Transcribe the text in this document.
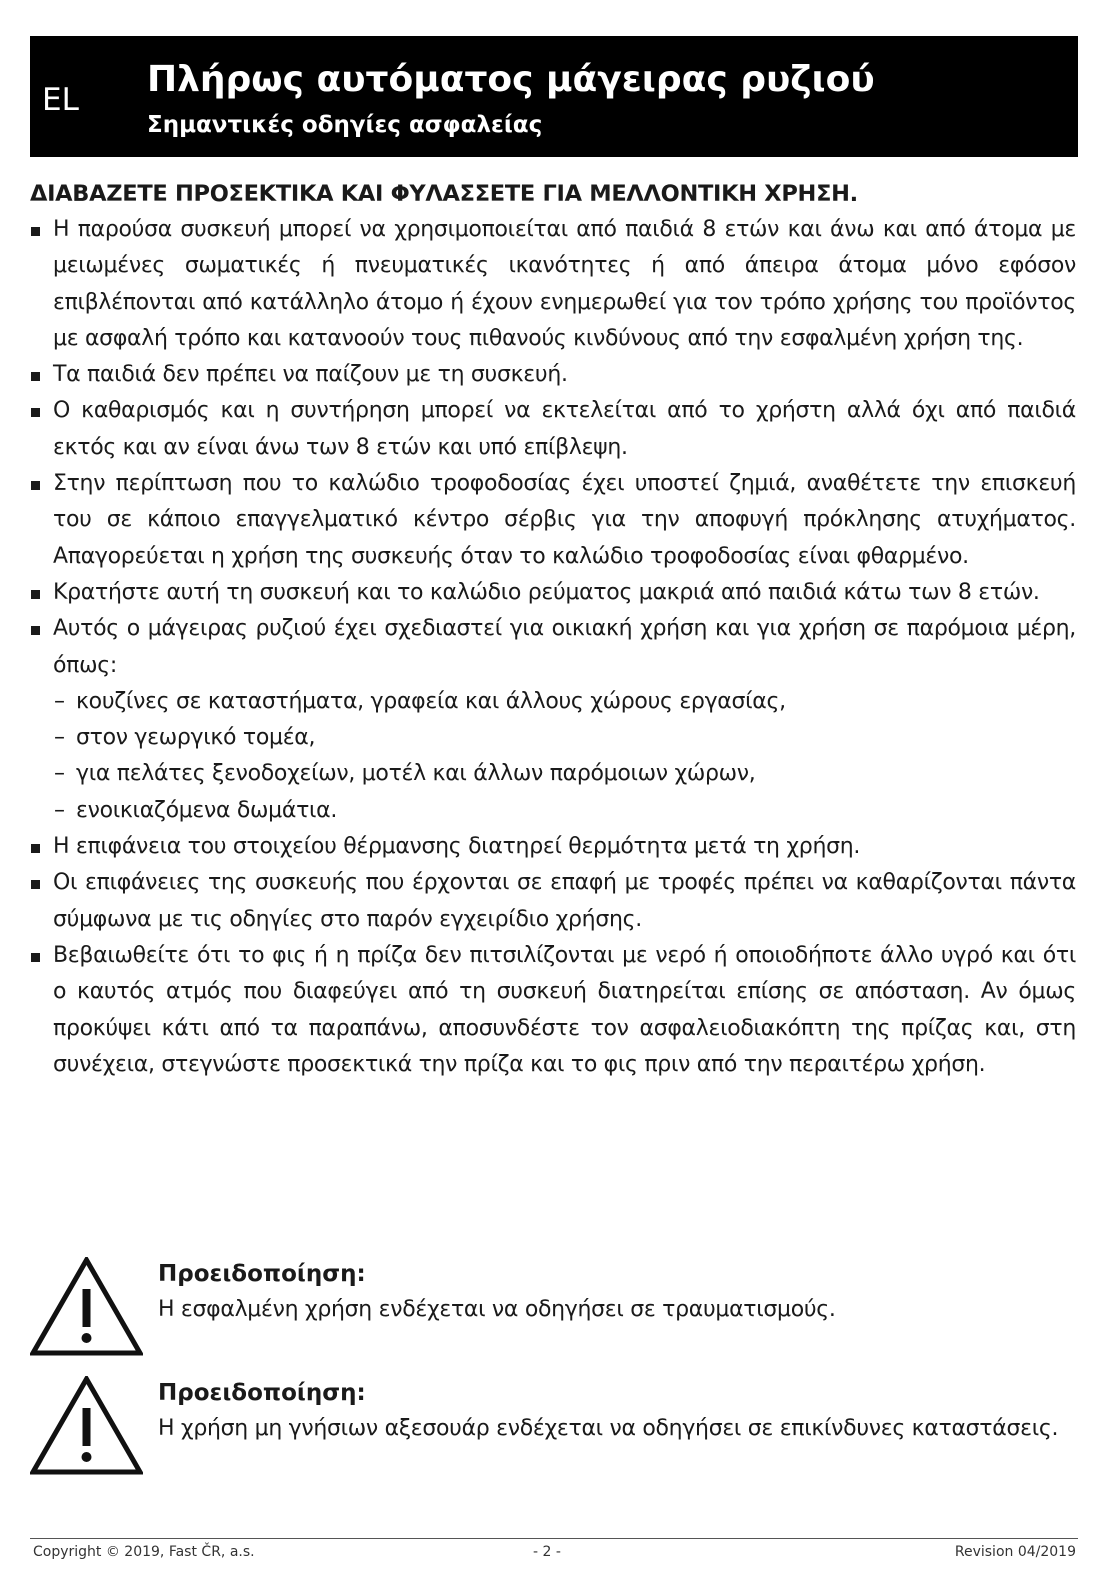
EL Πλήρως αυτόματος μάγειρας ρυζιού
Σημαντικές οδηγίες ασφαλείας
ΔΙΑΒΑΖΕΤΕ ΠΡΟΣΕΚΤΙΚΑ ΚΑΙ ΦΥΛΑΣΣΕΤΕ ΓΙΑ ΜΕΛΛΟΝΤΙΚΗ ΧΡΗΣΗ.
Η παρούσα συσκευή μπορεί να χρησιμοποιείται από παιδιά 8 ετών και άνω και από άτομα με μειωμένες σωματικές ή πνευματικές ικανότητες ή από άπειρα άτομα μόνο εφόσον επιβλέπονται από κατάλληλο άτομο ή έχουν ενημερωθεί για τον τρόπο χρήσης του προϊόντος με ασφαλή τρόπο και κατανοούν τους πιθανούς κινδύνους από την εσφαλμένη χρήση της.
Τα παιδιά δεν πρέπει να παίζουν με τη συσκευή.
Ο καθαρισμός και η συντήρηση μπορεί να εκτελείται από το χρήστη αλλά όχι από παιδιά εκτός και αν είναι άνω των 8 ετών και υπό επίβλεψη.
Στην περίπτωση που το καλώδιο τροφοδοσίας έχει υποστεί ζημιά, αναθέτετε την επισκευή του σε κάποιο επαγγελματικό κέντρο σέρβις για την αποφυγή πρόκλησης ατυχήματος. Απαγορεύεται η χρήση της συσκευής όταν το καλώδιο τροφοδοσίας είναι φθαρμένο.
Κρατήστε αυτή τη συσκευή και το καλώδιο ρεύματος μακριά από παιδιά κάτω των 8 ετών.
Αυτός ο μάγειρας ρυζιού έχει σχεδιαστεί για οικιακή χρήση και για χρήση σε παρόμοια μέρη, όπως:
– κουζίνες σε καταστήματα, γραφεία και άλλους χώρους εργασίας,
– στον γεωργικό τομέα,
– για πελάτες ξενοδοχείων, μοτέλ και άλλων παρόμοιων χώρων,
– ενοικιαζόμενα δωμάτια.
Η επιφάνεια του στοιχείου θέρμανσης διατηρεί θερμότητα μετά τη χρήση.
Οι επιφάνειες της συσκευής που έρχονται σε επαφή με τροφές πρέπει να καθαρίζονται πάντα σύμφωνα με τις οδηγίες στο παρόν εγχειρίδιο χρήσης.
Βεβαιωθείτε ότι το φις ή η πρίζα δεν πιτσιλίζονται με νερό ή οποιοδήποτε άλλο υγρό και ότι ο καυτός ατμός που διαφεύγει από τη συσκευή διατηρείται επίσης σε απόσταση. Αν όμως προκύψει κάτι από τα παραπάνω, αποσυνδέστε τον ασφαλειοδιακόπτη της πρίζας και, στη συνέχεια, στεγνώστε προσεκτικά την πρίζα και το φις πριν από την περαιτέρω χρήση.
Προειδοποίηση:
Η εσφαλμένη χρήση ενδέχεται να οδηγήσει σε τραυματισμούς.
Προειδοποίηση:
Η χρήση μη γνήσιων αξεσουάρ ενδέχεται να οδηγήσει σε επικίνδυνες καταστάσεις.
Copyright © 2019, Fast ČR, a.s.	- 2 -	Revision 04/2019
